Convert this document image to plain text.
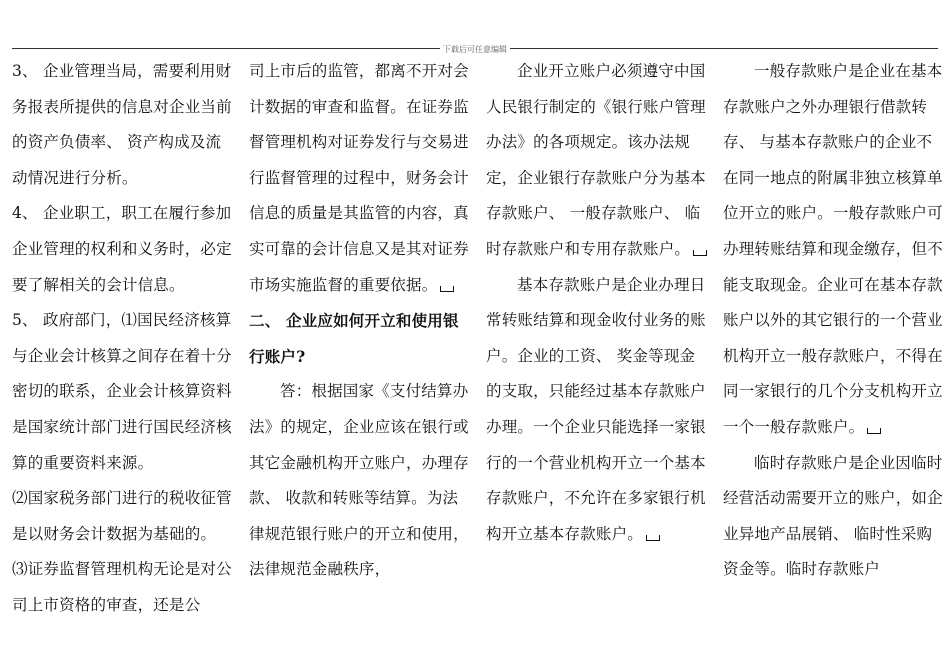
下载后可任意编辑

3、 企业管理当局，需要利用财务报表所提供的信息对企业当前的资产负债率、 资产构成及流动情况进行分析。

4、 企业职工，职工在履行参加企业管理的权利和义务时，必定要了解相关的会计信息。

5、 政府部门，⑴国民经济核算与企业会计核算之间存在着十分密切的联系，企业会计核算资料是国家统计部门进行国民经济核算的重要资料来源。

⑵国家税务部门进行的税收征管是以财务会计数据为基础的。

⑶证券监督管理机构无论是对公司上市资格的审查，还是公

司上市后的监管，都离不开对会计数据的审查和监督。在证券监督管理机构对证券发行与交易进行监督管理的过程中，财务会计信息的质量是其监管的内容，真实可靠的会计信息又是其对证券市场实施监督的重要依据。

二、 企业应如何开立和使用银行账户?

答：根据国家《支付结算办法》的规定，企业应该在银行或其它金融机构开立账户，办理存款、 收款和转账等结算。为法律规范银行账户的开立和使用，法律规范金融秩序，

企业开立账户必须遵守中国人民银行制定的《银行账户管理办法》的各项规定。该办法规定，企业银行存款账户分为基本存款账户、 一般存款账户、 临时存款账户和专用存款账户。

基本存款账户是企业办理日常转账结算和现金收付业务的账户。企业的工资、 奖金等现金的支取，只能经过基本存款账户办理。一个企业只能选择一家银行的一个营业机构开立一个基本存款账户，不允许在多家银行机构开立基本存款账户。

一般存款账户是企业在基本存款账户之外办理银行借款转存、 与基本存款账户的企业不在同一地点的附属非独立核算单位开立的账户。一般存款账户可办理转账结算和现金缴存，但不能支取现金。企业可在基本存款账户以外的其它银行的一个营业机构开立一般存款账户，不得在同一家银行的几个分支机构开立一个一般存款账户。

临时存款账户是企业因临时经营活动需要开立的账户，如企业异地产品展销、 临时性采购资金等。临时存款账户
